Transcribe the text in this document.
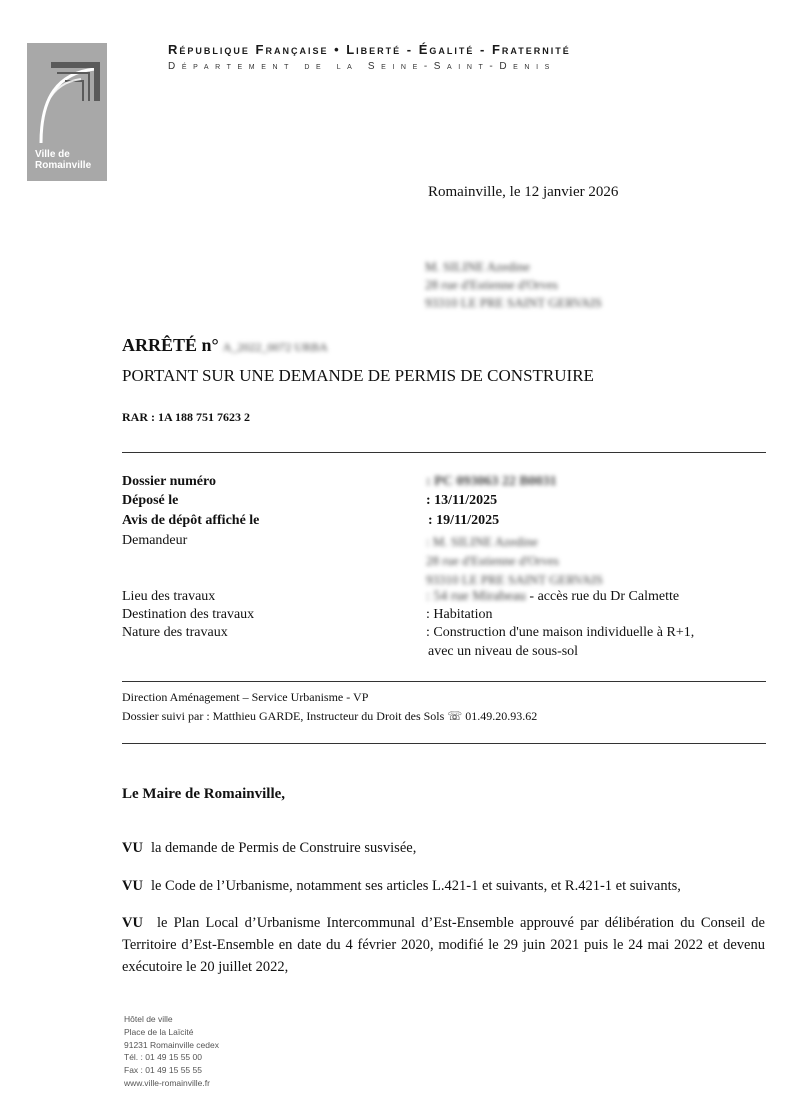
Ville de
Romainville
République Française • Liberté - Égalité - Fraternité
Département de la Seine-Saint-Denis
Romainville, le 12 janvier 2026
M. SILINE Azedine
28 rue d'Estienne d'Orves
93310 LE PRE SAINT GERVAIS
ARRÊTÉ n° A_2022_0072 URBA
PORTANT SUR UNE DEMANDE DE PERMIS DE CONSTRUIRE
RAR : 1A 188 751 7623 2
Dossier numéro	: PC 093063 22 B0031
Déposé le	: 13/11/2025
Avis de dépôt affiché le	: 19/11/2025
Demandeur	: M. SILINE Azedine
28 rue d'Estienne d'Orves
93310 LE PRE SAINT GERVAIS
Lieu des travaux	: 54 rue Mirabeau - accès rue du Dr Calmette
Destination des travaux	: Habitation
Nature des travaux	: Construction d'une maison individuelle à R+1,
avec un niveau de sous-sol
Direction Aménagement – Service Urbanisme - VP
Dossier suivi par : Matthieu GARDE, Instructeur du Droit des Sols ☏ 01.49.20.93.62
Le Maire de Romainville,
VU la demande de Permis de Construire susvisée,
VU le Code de l’Urbanisme, notamment ses articles L.421-1 et suivants, et R.421-1 et suivants,
VU le Plan Local d’Urbanisme Intercommunal d’Est-Ensemble approuvé par délibération du Conseil de Territoire d’Est-Ensemble en date du 4 février 2020, modifié le 29 juin 2021 puis le 24 mai 2022 et devenu exécutoire le 20 juillet 2022,
Hôtel de ville
Place de la Laïcité
91231 Romainville cedex
Tél. : 01 49 15 55 00
Fax : 01 49 15 55 55
www.ville-romainville.fr
